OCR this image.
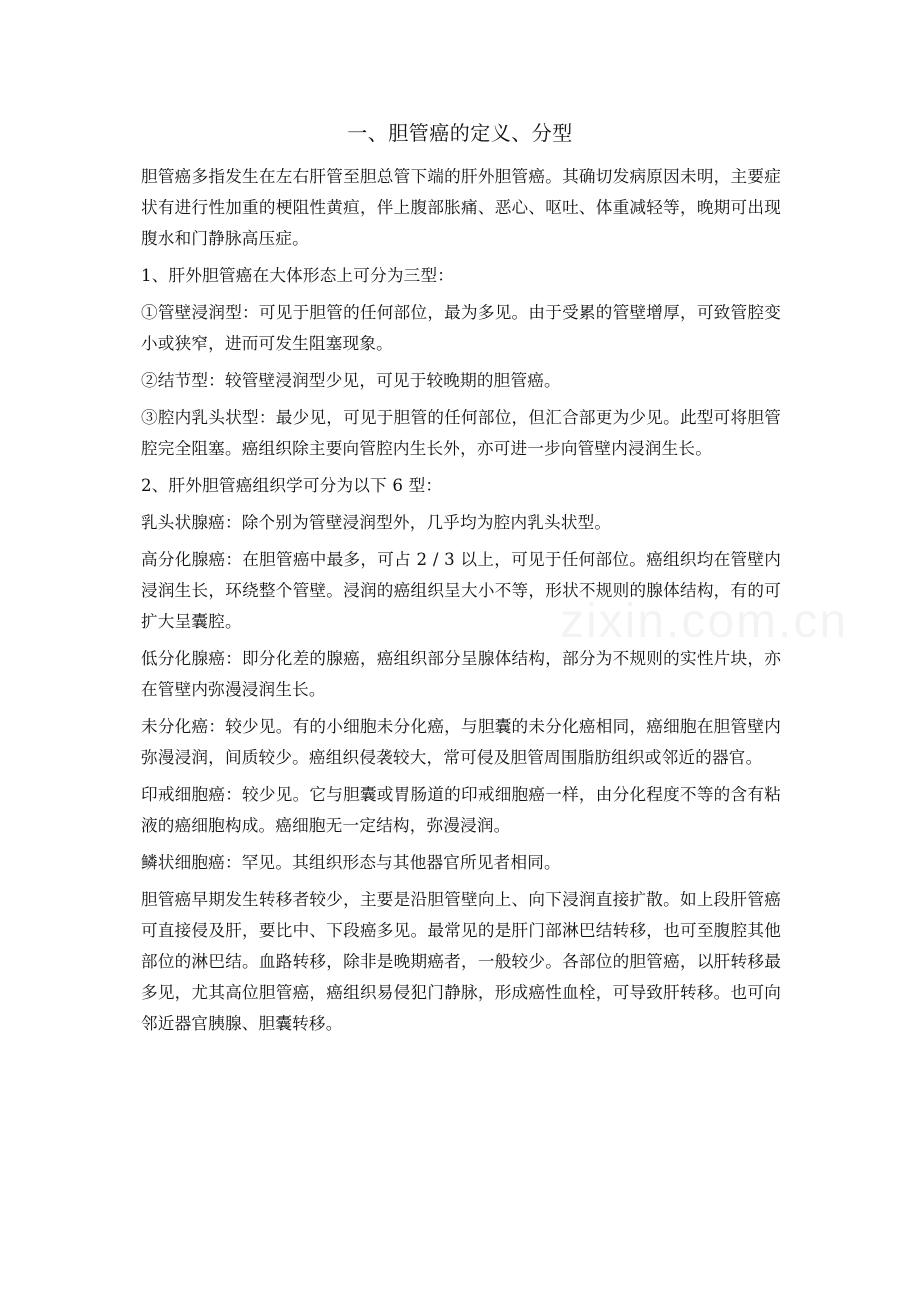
一、胆管癌的定义、分型

胆管癌多指发生在左右肝管至胆总管下端的肝外胆管癌。其确切发病原因未明，主要症状有进行性加重的梗阻性黄疸，伴上腹部胀痛、恶心、呕吐、体重减轻等，晚期可出现腹水和门静脉高压症。

1、肝外胆管癌在大体形态上可分为三型：

①管壁浸润型：可见于胆管的任何部位，最为多见。由于受累的管壁增厚，可致管腔变小或狭窄，进而可发生阻塞现象。

②结节型：较管壁浸润型少见，可见于较晚期的胆管癌。

③腔内乳头状型：最少见，可见于胆管的任何部位，但汇合部更为少见。此型可将胆管腔完全阻塞。癌组织除主要向管腔内生长外，亦可进一步向管壁内浸润生长。

2、肝外胆管癌组织学可分为以下 6 型：

乳头状腺癌：除个别为管壁浸润型外，几乎均为腔内乳头状型。

高分化腺癌：在胆管癌中最多，可占 2 / 3 以上，可见于任何部位。癌组织均在管壁内浸润生长，环绕整个管壁。浸润的癌组织呈大小不等，形状不规则的腺体结构，有的可扩大呈囊腔。

低分化腺癌：即分化差的腺癌，癌组织部分呈腺体结构，部分为不规则的实性片块，亦在管壁内弥漫浸润生长。

未分化癌：较少见。有的小细胞未分化癌，与胆囊的未分化癌相同，癌细胞在胆管壁内弥漫浸润，间质较少。癌组织侵袭较大，常可侵及胆管周围脂肪组织或邻近的器官。

印戒细胞癌：较少见。它与胆囊或胃肠道的印戒细胞癌一样，由分化程度不等的含有粘液的癌细胞构成。癌细胞无一定结构，弥漫浸润。

鳞状细胞癌：罕见。其组织形态与其他器官所见者相同。

胆管癌早期发生转移者较少，主要是沿胆管壁向上、向下浸润直接扩散。如上段肝管癌可直接侵及肝，要比中、下段癌多见。最常见的是肝门部淋巴结转移，也可至腹腔其他部位的淋巴结。血路转移，除非是晚期癌者，一般较少。各部位的胆管癌，以肝转移最多见，尤其高位胆管癌，癌组织易侵犯门静脉，形成癌性血栓，可导致肝转移。也可向邻近器官胰腺、胆囊转移。
